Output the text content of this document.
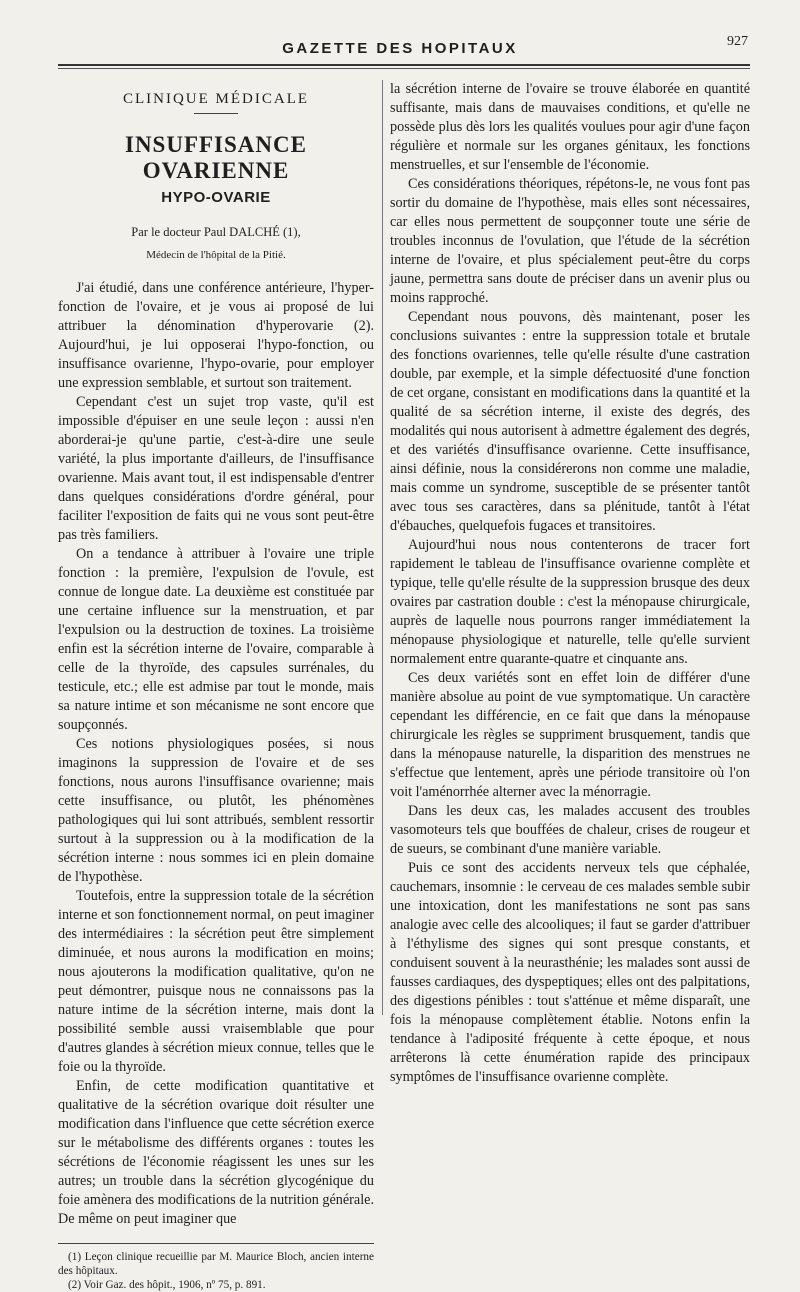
GAZETTE DES HOPITAUX	927
CLINIQUE MÉDICALE
INSUFFISANCE OVARIENNE
HYPO-OVARIE

Par le docteur Paul DALCHÉ (1),

Médecin de l'hôpital de la Pitié.

J'ai étudié, dans une conférence antérieure, l'hyper-fonction de l'ovaire, et je vous ai proposé de lui attribuer la dénomination d'hyperovarie (2). Aujourd'hui, je lui opposerai l'hypo-fonction, ou insuffisance ovarienne, l'hypo-ovarie, pour employer une expression semblable, et surtout son traitement.

Cependant c'est un sujet trop vaste, qu'il est impossible d'épuiser en une seule leçon : aussi n'en aborderai-je qu'une partie, c'est-à-dire une seule variété, la plus importante d'ailleurs, de l'insuffisance ovarienne. Mais avant tout, il est indispensable d'entrer dans quelques considérations d'ordre général, pour faciliter l'exposition de faits qui ne vous sont peut-être pas très familiers.

On a tendance à attribuer à l'ovaire une triple fonction : la première, l'expulsion de l'ovule, est connue de longue date. La deuxième est constituée par une certaine influence sur la menstruation, et par l'expulsion ou la destruction de toxines. La troisième enfin est la sécrétion interne de l'ovaire, comparable à celle de la thyroïde, des capsules surrénales, du testicule, etc.; elle est admise par tout le monde, mais sa nature intime et son mécanisme ne sont encore que soupçonnés.

Ces notions physiologiques posées, si nous imaginons la suppression de l'ovaire et de ses fonctions, nous aurons l'insuffisance ovarienne; mais cette insuffisance, ou plutôt, les phénomènes pathologiques qui lui sont attribués, semblent ressortir surtout à la suppression ou à la modification de la sécrétion interne : nous sommes ici en plein domaine de l'hypothèse.

Toutefois, entre la suppression totale de la sécrétion interne et son fonctionnement normal, on peut imaginer des intermédiaires : la sécrétion peut être simplement diminuée, et nous aurons la modification en moins; nous ajouterons la modification qualitative, qu'on ne peut démontrer, puisque nous ne connaissons pas la nature intime de la sécrétion interne, mais dont la possibilité semble aussi vraisemblable que pour d'autres glandes à sécrétion mieux connue, telles que le foie ou la thyroïde.

Enfin, de cette modification quantitative et qualitative de la sécrétion ovarique doit résulter une modification dans l'influence que cette sécrétion exerce sur le métabolisme des différents organes : toutes les sécrétions de l'économie réagissent les unes sur les autres; un trouble dans la sécrétion glycogénique du foie amènera des modifications de la nutrition générale. De même on peut imaginer que

(1) Leçon clinique recueillie par M. Maurice Bloch, ancien interne des hôpitaux.

(2) Voir Gaz. des hôpit., 1906, nº 75, p. 891.

la sécrétion interne de l'ovaire se trouve élaborée en quantité suffisante, mais dans de mauvaises conditions, et qu'elle ne possède plus dès lors les qualités voulues pour agir d'une façon régulière et normale sur les organes génitaux, les fonctions menstruelles, et sur l'ensemble de l'économie.

Ces considérations théoriques, répétons-le, ne vous font pas sortir du domaine de l'hypothèse, mais elles sont nécessaires, car elles nous permettent de soupçonner toute une série de troubles inconnus de l'ovulation, que l'étude de la sécrétion interne de l'ovaire, et plus spécialement peut-être du corps jaune, permettra sans doute de préciser dans un avenir plus ou moins rapproché.

Cependant nous pouvons, dès maintenant, poser les conclusions suivantes : entre la suppression totale et brutale des fonctions ovariennes, telle qu'elle résulte d'une castration double, par exemple, et la simple défectuosité d'une fonction de cet organe, consistant en modifications dans la quantité et la qualité de sa sécrétion interne, il existe des degrés, des modalités qui nous autorisent à admettre également des degrés, et des variétés d'insuffisance ovarienne. Cette insuffisance, ainsi définie, nous la considérerons non comme une maladie, mais comme un syndrome, susceptible de se présenter tantôt avec tous ses caractères, dans sa plénitude, tantôt à l'état d'ébauches, quelquefois fugaces et transitoires.

Aujourd'hui nous nous contenterons de tracer fort rapidement le tableau de l'insuffisance ovarienne complète et typique, telle qu'elle résulte de la suppression brusque des deux ovaires par castration double : c'est la ménopause chirurgicale, auprès de laquelle nous pourrons ranger immédiatement la ménopause physiologique et naturelle, telle qu'elle survient normalement entre quarante-quatre et cinquante ans.

Ces deux variétés sont en effet loin de différer d'une manière absolue au point de vue symptomatique. Un caractère cependant les différencie, en ce fait que dans la ménopause chirurgicale les règles se suppriment brusquement, tandis que dans la ménopause naturelle, la disparition des menstrues ne s'effectue que lentement, après une période transitoire où l'on voit l'aménorrhée alterner avec la ménorragie.

Dans les deux cas, les malades accusent des troubles vasomoteurs tels que bouffées de chaleur, crises de rougeur et de sueurs, se combinant d'une manière variable.

Puis ce sont des accidents nerveux tels que céphalée, cauchemars, insomnie : le cerveau de ces malades semble subir une intoxication, dont les manifestations ne sont pas sans analogie avec celle des alcooliques; il faut se garder d'attribuer à l'éthylisme des signes qui sont presque constants, et conduisent souvent à la neurasthénie; les malades sont aussi de fausses cardiaques, des dyspeptiques; elles ont des palpitations, des digestions pénibles : tout s'atténue et même disparaît, une fois la ménopause complètement établie. Notons enfin la tendance à l'adiposité fréquente à cette époque, et nous arrêterons là cette énumération rapide des principaux symptômes de l'insuffisance ovarienne complète.
